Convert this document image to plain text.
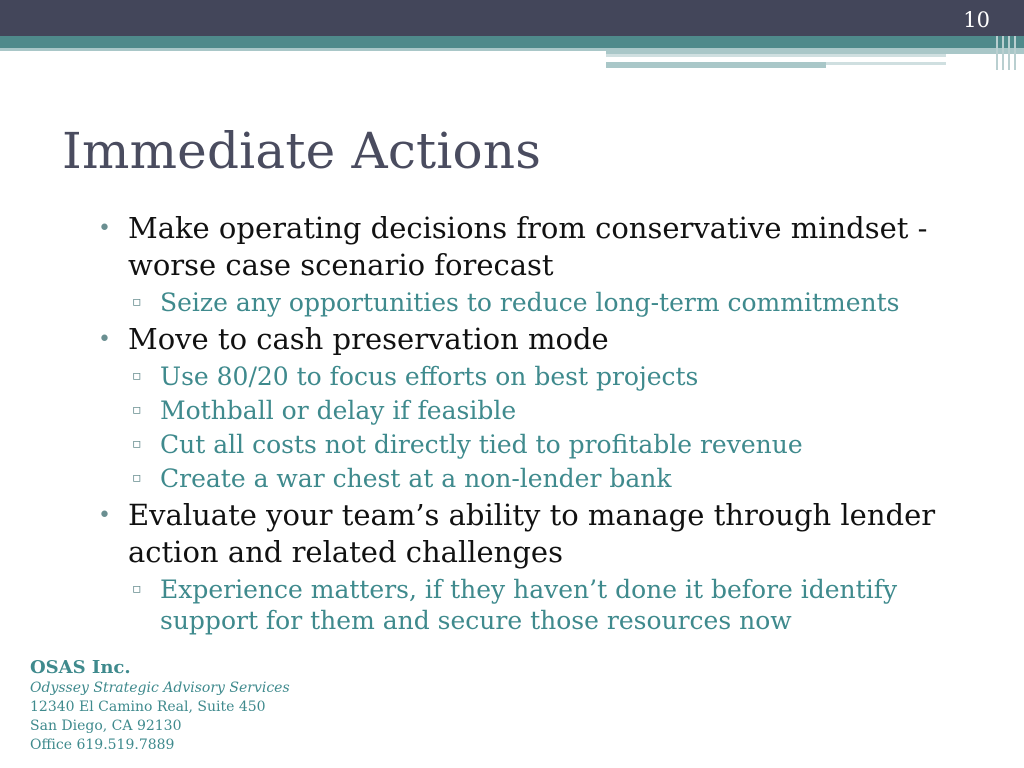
10
Immediate Actions
• Make operating decisions from conservative mindset - worse case scenario forecast
▫ Seize any opportunities to reduce long-term commitments
• Move to cash preservation mode
▫ Use 80/20 to focus efforts on best projects
▫ Mothball or delay if feasible
▫ Cut all costs not directly tied to profitable revenue
▫ Create a war chest at a non-lender bank
• Evaluate your team’s ability to manage through lender action and related challenges
▫ Experience matters, if they haven’t done it before identify support for them and secure those resources now
OSAS Inc.
Odyssey Strategic Advisory Services
12340 El Camino Real, Suite 450
San Diego, CA 92130
Office 619.519.7889
